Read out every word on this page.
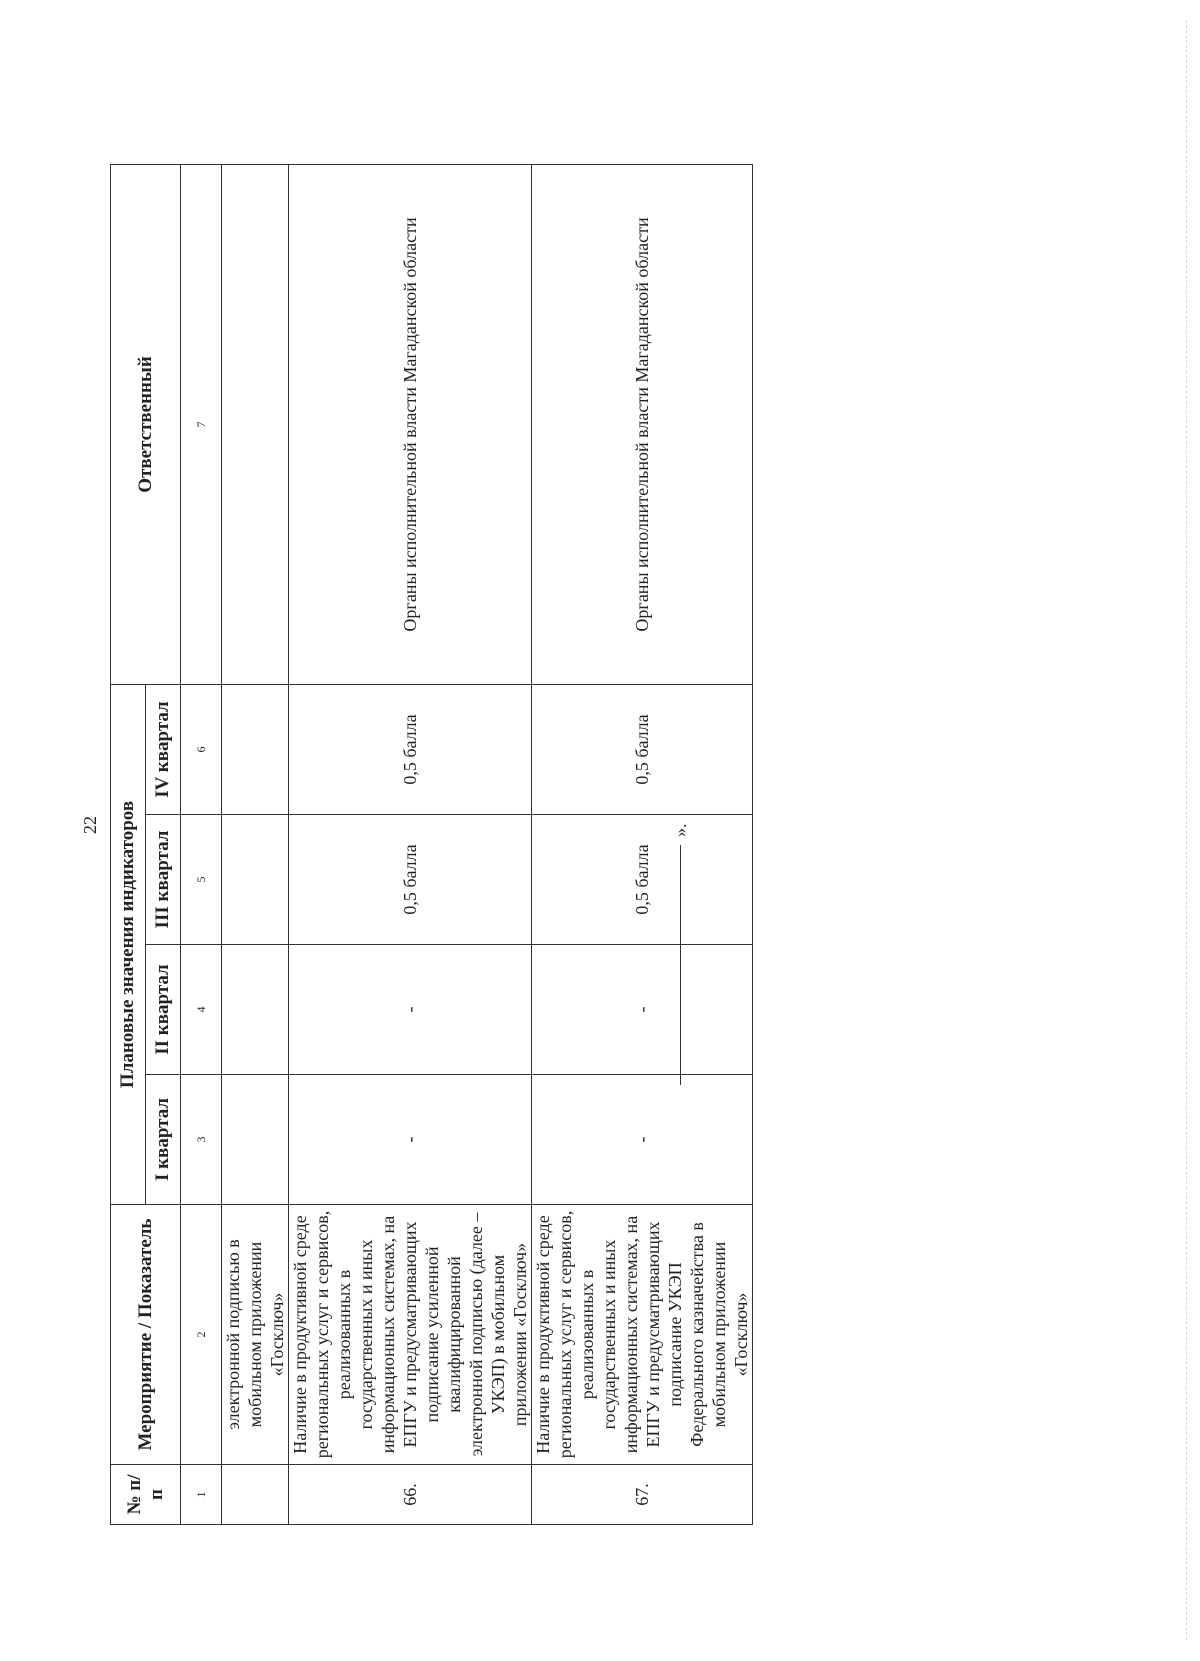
22
№ п/п	Мероприятие / Показатель	Плановые значения индикаторов				Ответственный
		I квартал	II квартал	III квартал	IV квартал	
1	2	3	4	5	6	7
	электронной подписью в мобильном приложении «Госключ»					
66.	Наличие в продуктивной среде региональных услуг и сервисов, реализованных в государственных и иных информационных системах, на ЕПГУ и предусматривающих подписание усиленной квалифицированной электронной подписью (далее – УКЭП) в мобильном приложении «Госключ»	-	-	0,5 балла	0,5 балла	Органы исполнительной власти Магаданской области
67.	Наличие в продуктивной среде региональных услуг и сервисов, реализованных в государственных и иных информационных системах, на ЕПГУ и предусматривающих подписание УКЭП Федерального казначейства в мобильном приложении «Госключ»	-	-	0,5 балла	0,5 балла	Органы исполнительной власти Магаданской области
».
